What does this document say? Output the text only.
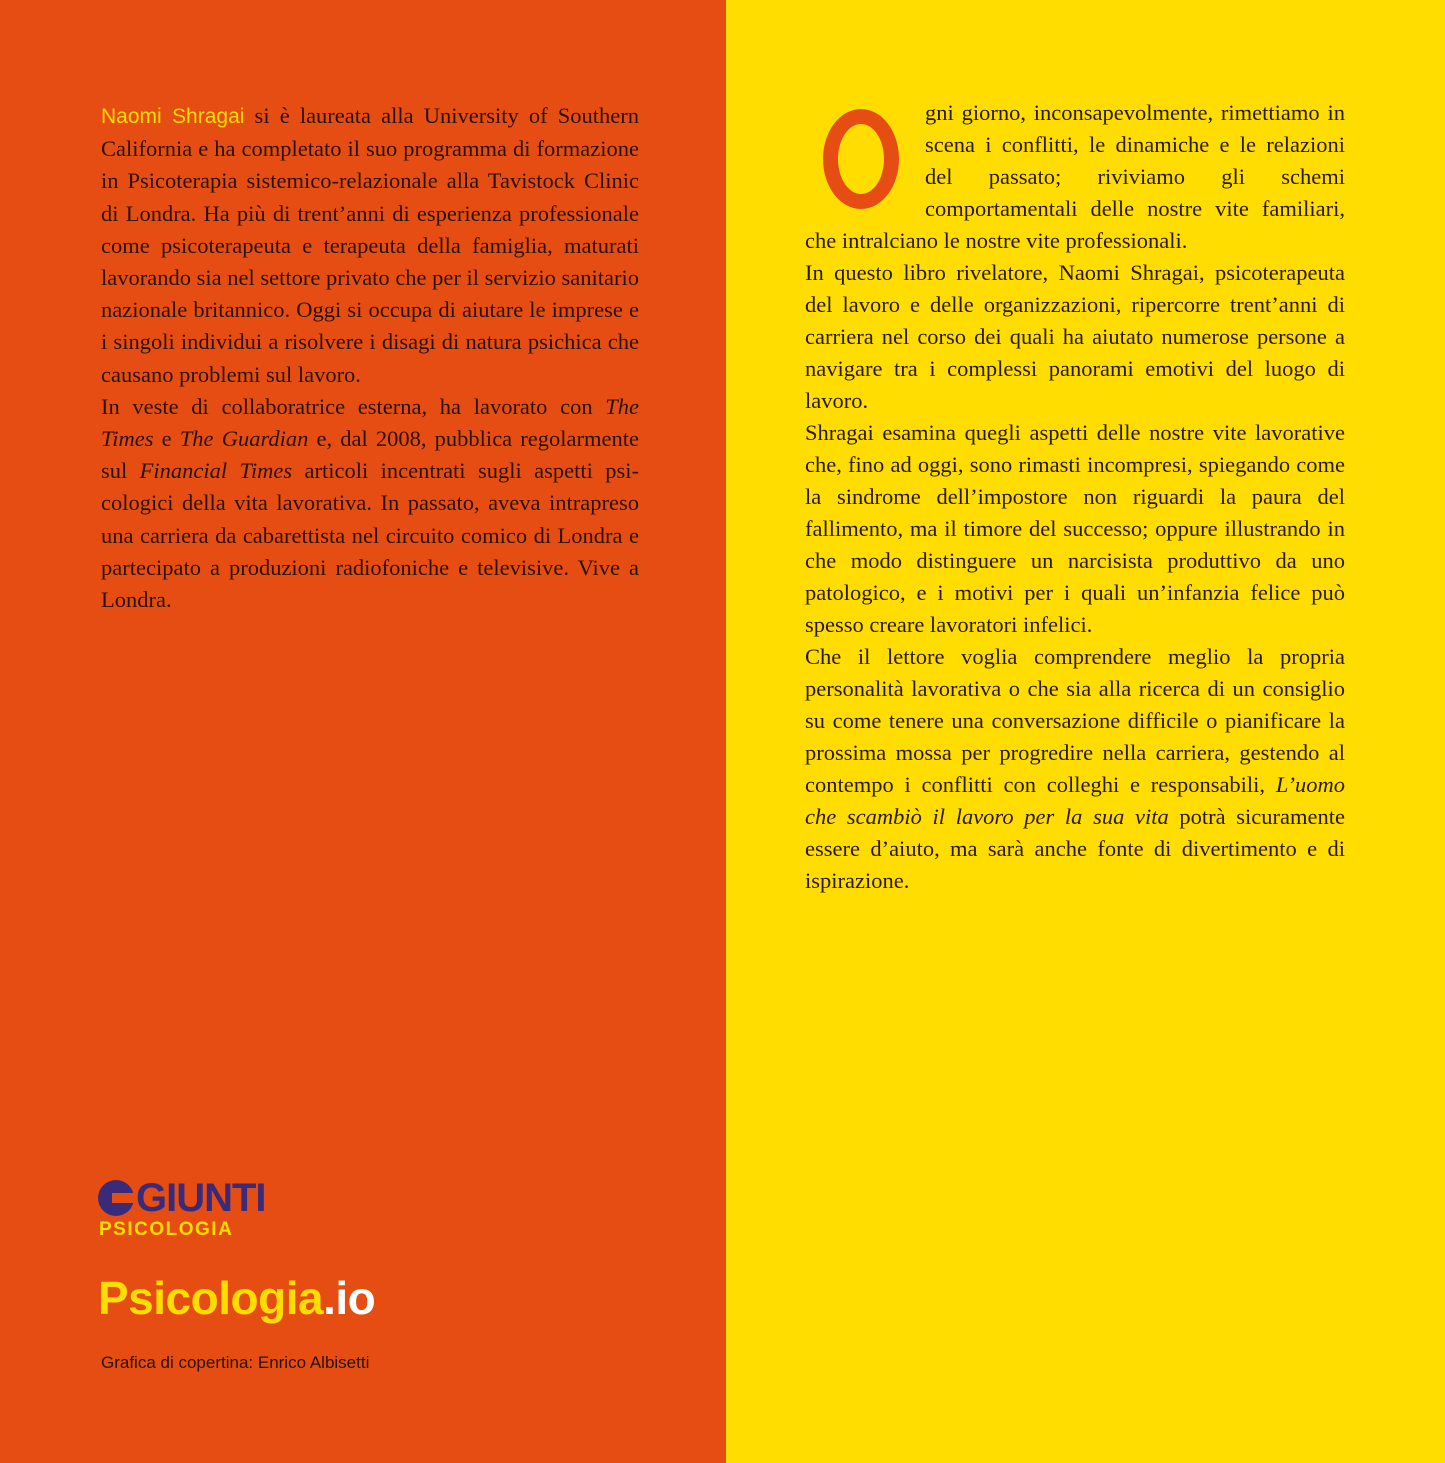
Naomi Shragai si è laureata alla University of Southern California e ha completato il suo programma di formazione in Psicoterapia sistemico-relazionale alla Tavistock Clinic di Londra. Ha più di trent’anni di esperienza professionale come psicoterapeuta e terapeuta della famiglia, maturati lavorando sia nel settore privato che per il servizio sanitario nazionale britannico. Oggi si occupa di aiutare le imprese e i singoli individui a risolvere i disagi di natura psichica che causano problemi sul lavoro.

In veste di collaboratrice esterna, ha lavorato con The Times e The Guardian e, dal 2008, pubblica regolarmente sul Financial Times articoli incentrati sugli aspetti psicologici della vita lavorativa. In passato, aveva intrapreso una carriera da cabarettista nel circuito comico di Londra e partecipato a produzioni radiofoniche e televisive. Vive a Londra.

GIUNTI
PSICOLOGIA
Psicologia.io
Grafica di copertina: Enrico Albisetti

gni giorno, inconsapevolmente, rimettiamo in scena i conflitti, le dinamiche e le relazioni del passato; riviviamo gli schemi comportamentali delle nostre vite familiari, che intralciano le nostre vite professionali.

In questo libro rivelatore, Naomi Shragai, psicoterapeuta del lavoro e delle organizzazioni, ripercorre trent’anni di carriera nel corso dei quali ha aiutato numerose persone a navigare tra i complessi panorami emotivi del luogo di lavoro.

Shragai esamina quegli aspetti delle nostre vite lavorative che, fino ad oggi, sono rimasti incompresi, spiegando come la sindrome dell’impostore non riguardi la paura del fallimento, ma il timore del successo; oppure illustrando in che modo distinguere un narcisista produttivo da uno patologico, e i motivi per i quali un’infanzia felice può spesso creare lavoratori infelici.

Che il lettore voglia comprendere meglio la propria personalità lavorativa o che sia alla ricerca di un consiglio su come tenere una conversazione difficile o pianificare la prossima mossa per progredire nella carriera, gestendo al contempo i conflitti con colleghi e responsabili, L’uomo che scambiò il lavoro per la sua vita potrà sicuramente essere d’aiuto, ma sarà anche fonte di divertimento e di ispirazione.
